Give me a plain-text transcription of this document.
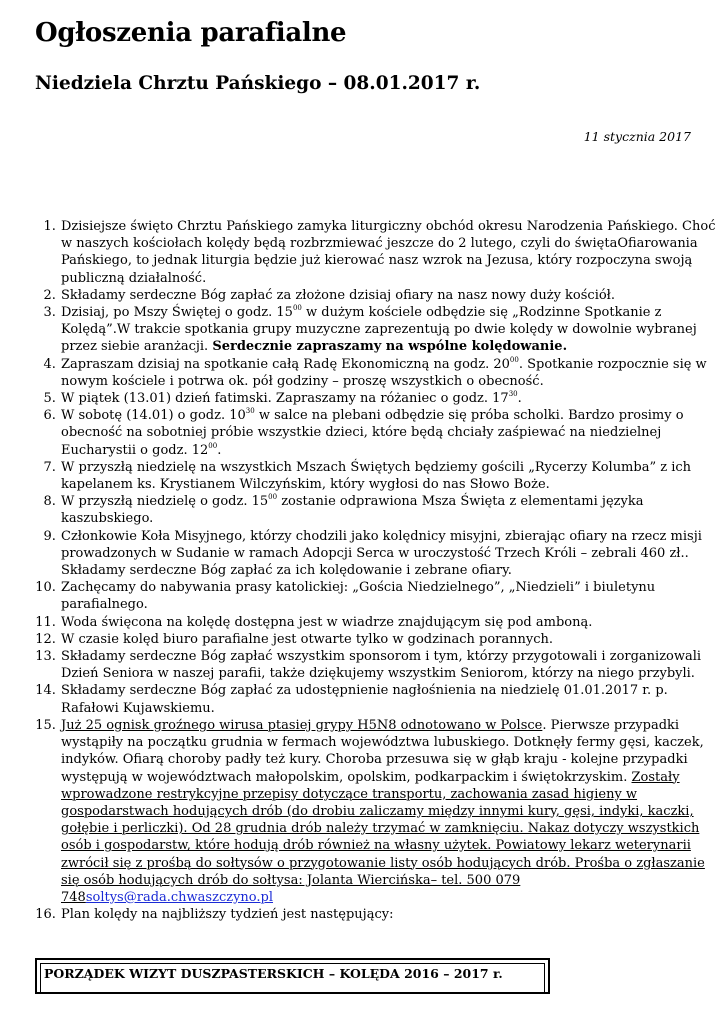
Ogłoszenia parafialne
Niedziela Chrztu Pańskiego – 08.01.2017 r.
11 stycznia 2017
1. Dzisiejsze święto Chrztu Pańskiego zamyka liturgiczny obchód okresu Narodzenia Pańskiego. Choć w naszych kościołach kolędy będą rozbrzmiewać jeszcze do 2 lutego, czyli do świętaOfiarowania Pańskiego, to jednak liturgia będzie już kierować nasz wzrok na Jezusa, który rozpoczyna swoją publiczną działalność.
2. Składamy serdeczne Bóg zapłać za złożone dzisiaj ofiary na nasz nowy duży kościół.
3. Dzisiaj, po Mszy Świętej o godz. $15^{00}$ w dużym kościele odbędzie się „Rodzinne Spotkanie z Kolędą”.W trakcie spotkania grupy muzyczne zaprezentują po dwie kolędy w dowolnie wybranej przez siebie aranżacji. Serdecznie zapraszamy na wspólne kolędowanie.
4. Zapraszam dzisiaj na spotkanie całą Radę Ekonomiczną na godz. $20^{00}$. Spotkanie rozpocznie się w nowym kościele i potrwa ok. pół godziny – proszę wszystkich o obecność.
5. W piątek (13.01) dzień fatimski. Zapraszamy na różaniec o godz. $17^{30}$.
6. W sobotę (14.01) o godz. $10^{30}$ w salce na plebani odbędzie się próba scholki. Bardzo prosimy o obecność na sobotniej próbie wszystkie dzieci, które będą chciały zaśpiewać na niedzielnej Eucharystii o godz. $12^{00}$.
7. W przyszłą niedzielę na wszystkich Mszach Świętych będziemy gościli „Rycerzy Kolumba” z ich kapelanem ks. Krystianem Wilczyńskim, który wygłosi do nas Słowo Boże.
8. W przyszłą niedzielę o godz. $15^{00}$ zostanie odprawiona Msza Święta z elementami języka kaszubskiego.
9. Członkowie Koła Misyjnego, którzy chodzili jako kolędnicy misyjni, zbierając ofiary na rzecz misji prowadzonych w Sudanie w ramach Adopcji Serca w uroczystość Trzech Króli – zebrali 460 zł.. Składamy serdeczne Bóg zapłać za ich kolędowanie i zebrane ofiary.
10. Zachęcamy do nabywania prasy katolickiej: „Gościa Niedzielnego”, „Niedzieli” i biuletynu parafialnego.
11. Woda święcona na kolędę dostępna jest w wiadrze znajdującym się pod amboną.
12. W czasie kolęd biuro parafialne jest otwarte tylko w godzinach porannych.
13. Składamy serdeczne Bóg zapłać wszystkim sponsorom i tym, którzy przygotowali i zorganizowali Dzień Seniora w naszej parafii, także dziękujemy wszystkim Seniorom, którzy na niego przybyli.
14. Składamy serdeczne Bóg zapłać za udostępnienie nagłośnienia na niedzielę 01.01.2017 r. p. Rafałowi Kujawskiemu.
15. Już 25 ognisk groźnego wirusa ptasiej grypy H5N8 odnotowano w Polsce. Pierwsze przypadki wystąpiły na początku grudnia w fermach województwa lubuskiego. Dotknęły fermy gęsi, kaczek, indyków. Ofiarą choroby padły też kury. Choroba przesuwa się w głąb kraju - kolejne przypadki występują w województwach małopolskim, opolskim, podkarpackim i świętokrzyskim. Zostały wprowadzone restrykcyjne przepisy dotyczące transportu, zachowania zasad higieny w gospodarstwach hodujących drób (do drobiu zaliczamy między innymi kury, gęsi, indyki, kaczki, gołębie i perliczki). Od 28 grudnia drób należy trzymać w zamknięciu. Nakaz dotyczy wszystkich osób i gospodarstw, które hodują drób również na własny użytek. Powiatowy lekarz weterynarii zwrócił się z prośbą do sołtysów o przygotowanie listy osób hodujących drób. Prośba o zgłaszanie się osób hodujących drób do sołtysa: Jolanta Wiercińska– tel. 500 079 748soltys@rada.chwaszczyno.pl
16. Plan kolędy na najbliższy tydzień jest następujący:
PORZĄDEK WIZYT DUSZPASTERSKICH – KOLĘDA 2016 – 2017 r.
